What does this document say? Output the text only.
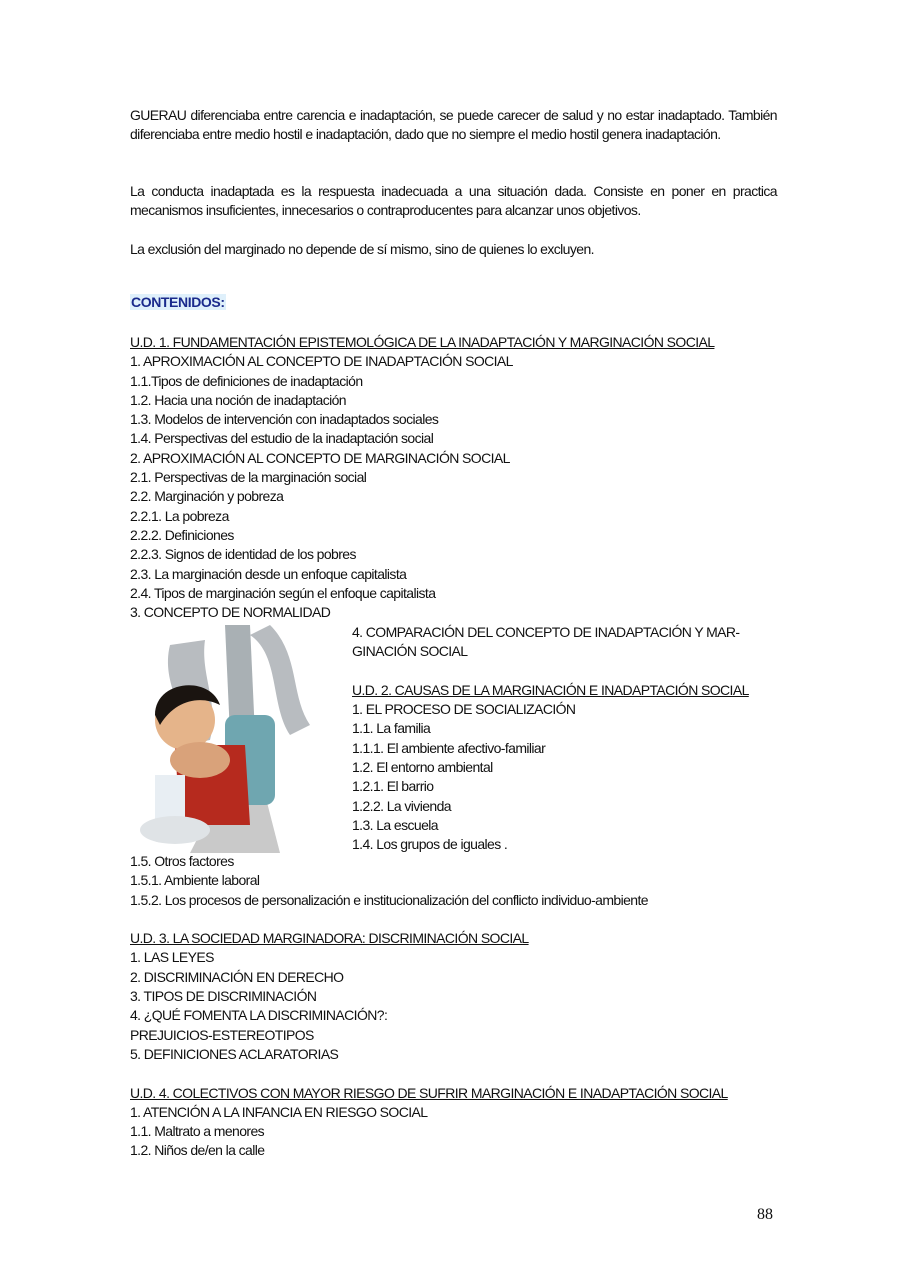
GUERAU diferenciaba entre carencia e inadaptación, se puede carecer de salud y no estar inadaptado. También diferenciaba entre medio hostil e inadaptación, dado que no siempre el medio hostil genera inadaptación.
La conducta inadaptada es la respuesta inadecuada a una situación dada. Consiste en poner en practica mecanismos insuficientes, innecesarios o contraproducentes para alcanzar unos objetivos.
La exclusión del marginado no depende de sí mismo, sino de quienes lo excluyen.
CONTENIDOS:
U.D. 1. FUNDAMENTACIÓN EPISTEMOLÓGICA DE LA INADAPTACIÓN Y MARGINACIÓN SOCIAL
1. APROXIMACIÓN AL CONCEPTO DE INADAPTACIÓN SOCIAL
1.1.Tipos de definiciones de inadaptación
1.2. Hacia una noción de inadaptación
1.3. Modelos de intervención con inadaptados sociales
1.4. Perspectivas del estudio de la inadaptación social
2. APROXIMACIÓN AL CONCEPTO DE MARGINACIÓN SOCIAL
2.1. Perspectivas de la marginación social
2.2. Marginación y pobreza
2.2.1. La pobreza
2.2.2. Definiciones
2.2.3. Signos de identidad de los pobres
2.3. La marginación desde un enfoque capitalista
2.4. Tipos de marginación según el enfoque capitalista
3. CONCEPTO DE NORMALIDAD
4. COMPARACIÓN DEL CONCEPTO DE INADAPTACIÓN Y MAR-
GINACIÓN SOCIAL
U.D. 2. CAUSAS DE LA MARGINACIÓN E INADAPTACIÓN SOCIAL
1. EL PROCESO DE SOCIALIZACIÓN
1.1. La familia
1.1.1. El ambiente afectivo-familiar
1.2. El entorno ambiental
1.2.1. El barrio
1.2.2. La vivienda
1.3. La escuela
1.4. Los grupos de iguales .
1.5. Otros factores
1.5.1. Ambiente laboral
1.5.2. Los procesos de personalización e institucionalización del conflicto individuo-ambiente
U.D. 3. LA SOCIEDAD MARGINADORA: DISCRIMINACIÓN SOCIAL
1. LAS LEYES
2. DISCRIMINACIÓN EN DERECHO
3. TIPOS DE DISCRIMINACIÓN
4. ¿QUÉ FOMENTA LA DISCRIMINACIÓN?:
PREJUICIOS-ESTEREOTIPOS
5. DEFINICIONES ACLARATORIAS
U.D. 4. COLECTIVOS CON MAYOR RIESGO DE SUFRIR MARGINACIÓN E INADAPTACIÓN SOCIAL
1. ATENCIÓN A LA INFANCIA EN RIESGO SOCIAL
1.1. Maltrato a menores
1.2. Niños de/en la calle
88
